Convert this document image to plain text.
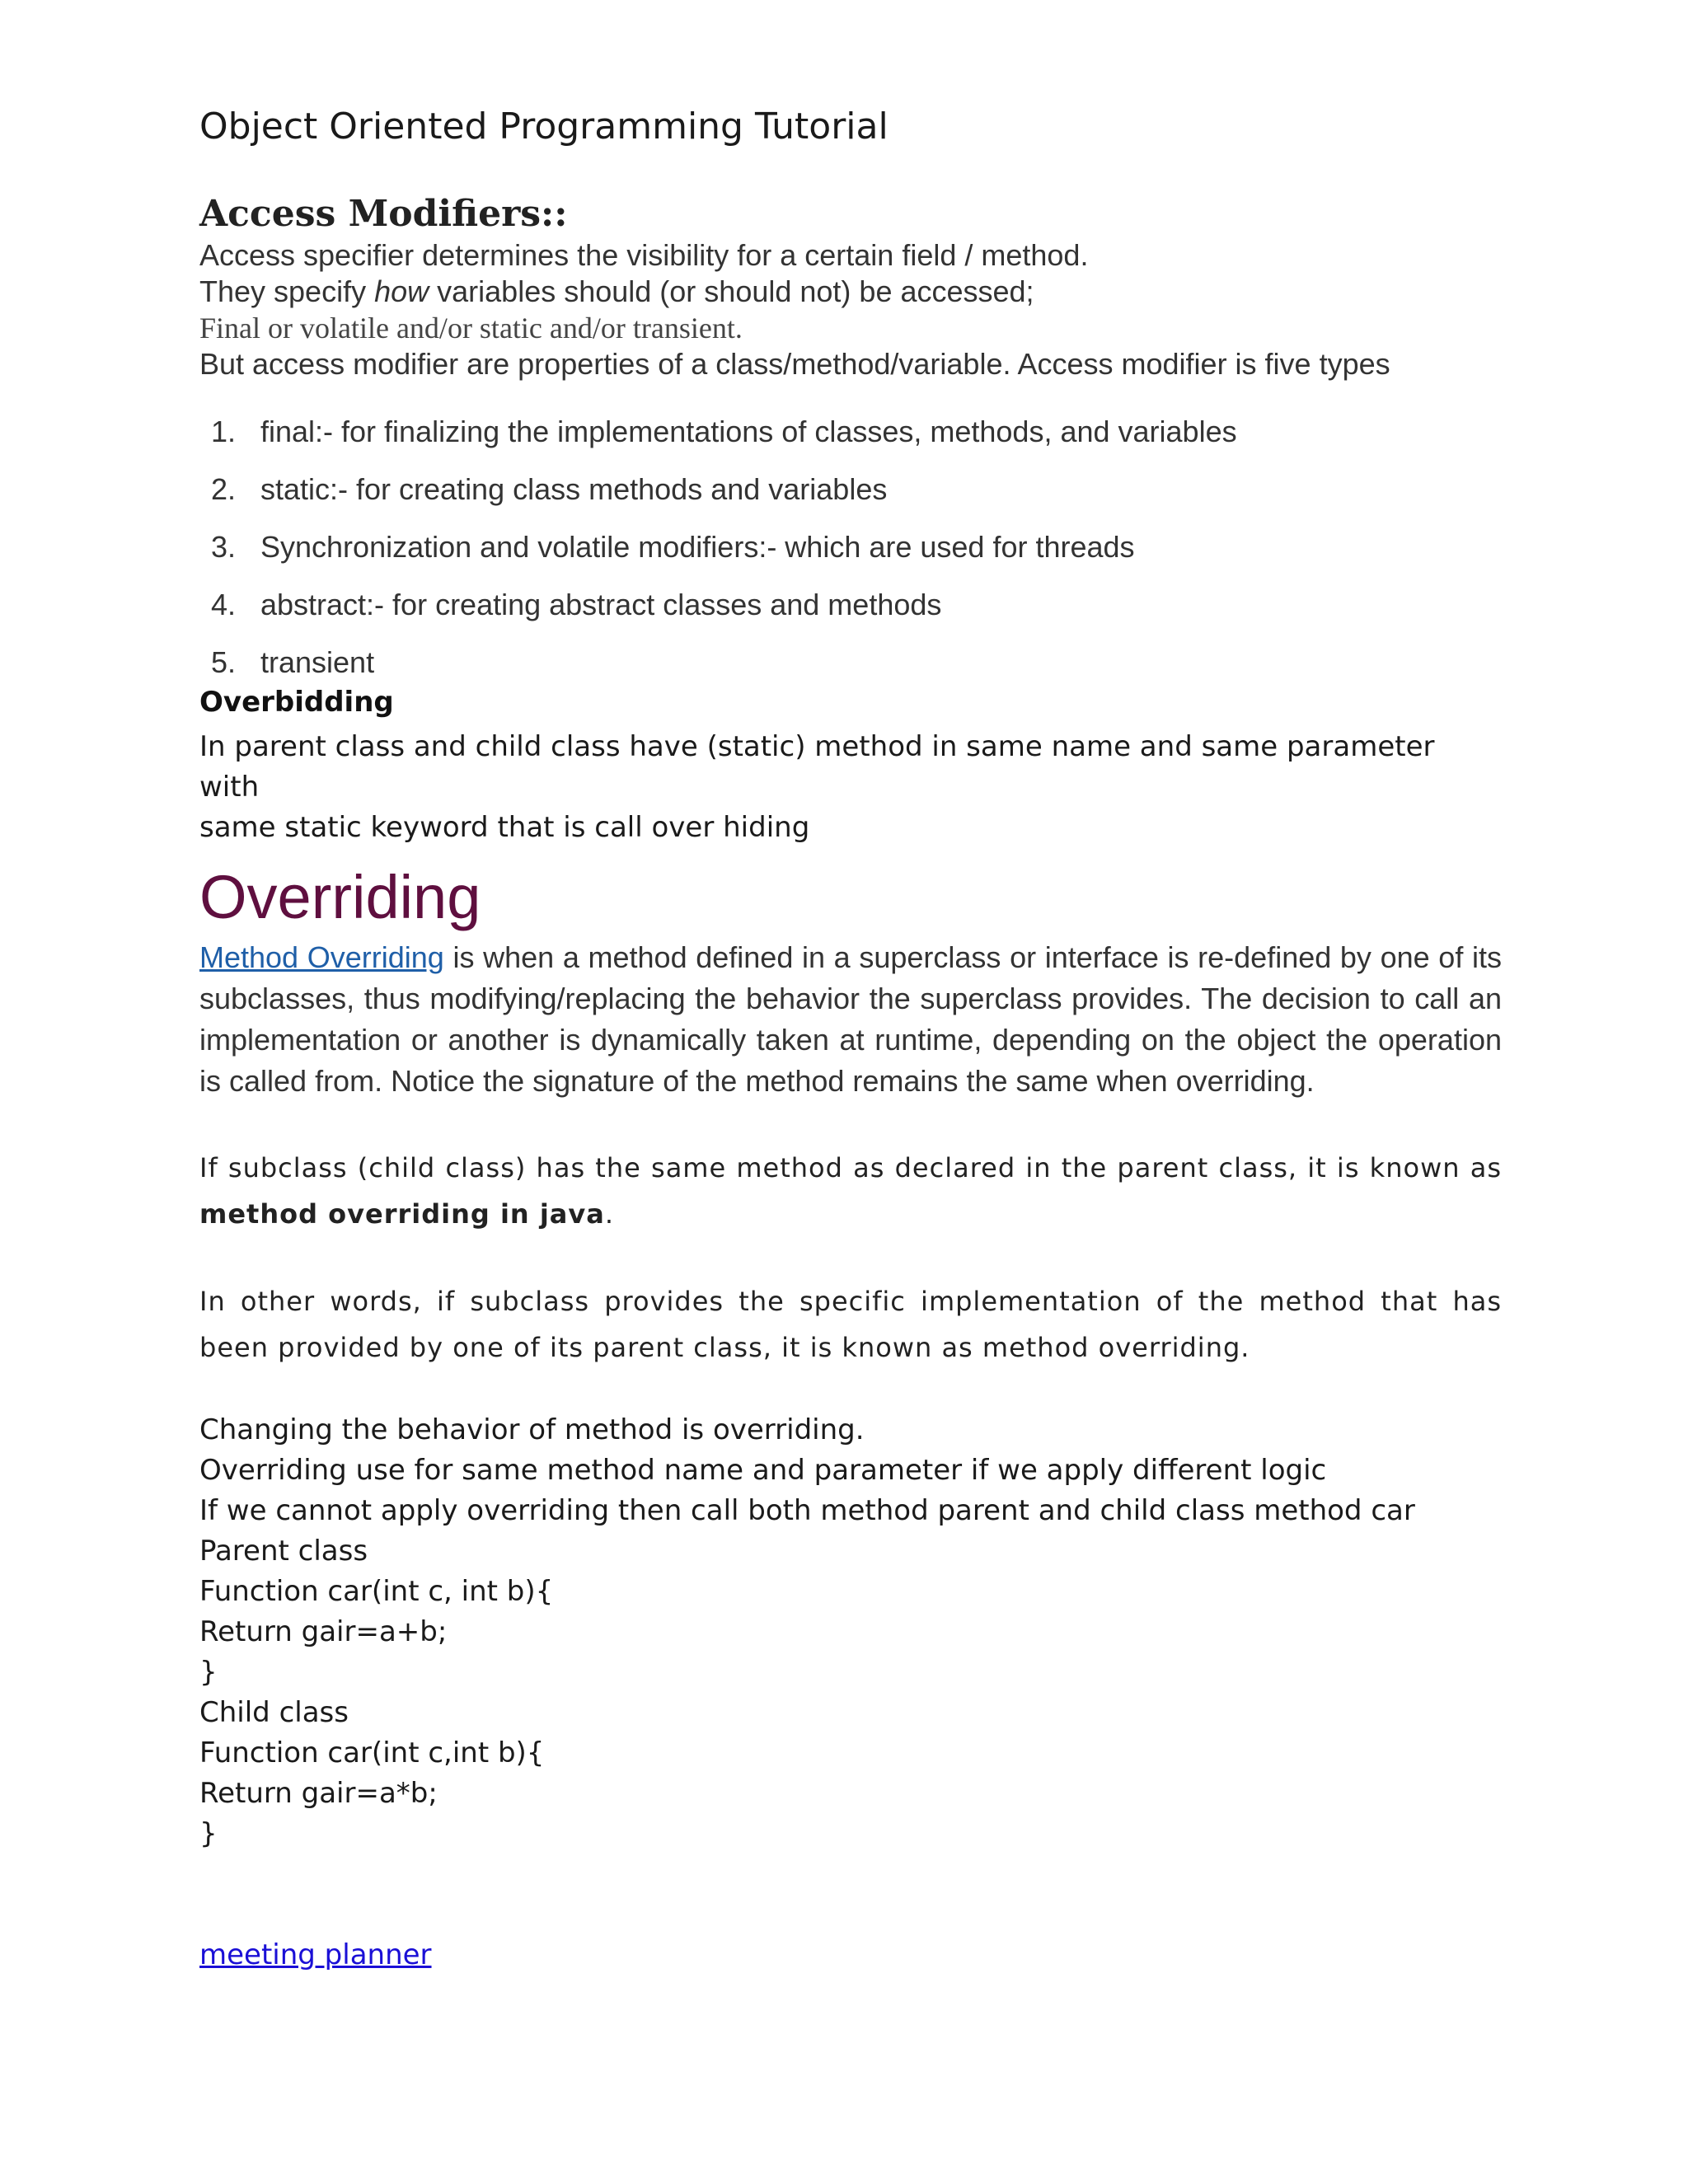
Object Oriented Programming Tutorial
Access Modifiers::

Access specifier determines the visibility for a certain field / method.

They specify how variables should (or should not) be accessed;

Final or volatile and/or static and/or transient.

But access modifier are properties of a class/method/variable. Access modifier is five types

1. final:- for finalizing the implementations of classes, methods, and variables
2. static:- for creating class methods and variables
3. Synchronization and volatile modifiers:- which are used for threads
4. abstract:- for creating abstract classes and methods
5. transient
Overbidding

In parent class and child class have (static) method in same name and same parameter with

same static keyword that is call over hiding

Overriding

Method Overriding is when a method defined in a superclass or interface is re-defined by one of its subclasses, thus modifying/replacing the behavior the superclass provides. The decision to call an implementation or another is dynamically taken at runtime, depending on the object the operation is called from. Notice the signature of the method remains the same when overriding.

If subclass (child class) has the same method as declared in the parent class, it is known as method overriding in java.

In other words, if subclass provides the specific implementation of the method that has been provided by one of its parent class, it is known as method overriding.

Changing the behavior of method is overriding.

Overriding use for same method name and parameter if we apply different logic

If we cannot apply overriding then call both method parent and child class method car

Parent class

Function car(int c, int b){

Return gair=a+b;

}

Child class

Function car(int c,int b){

Return gair=a*b;

}

meeting planner
